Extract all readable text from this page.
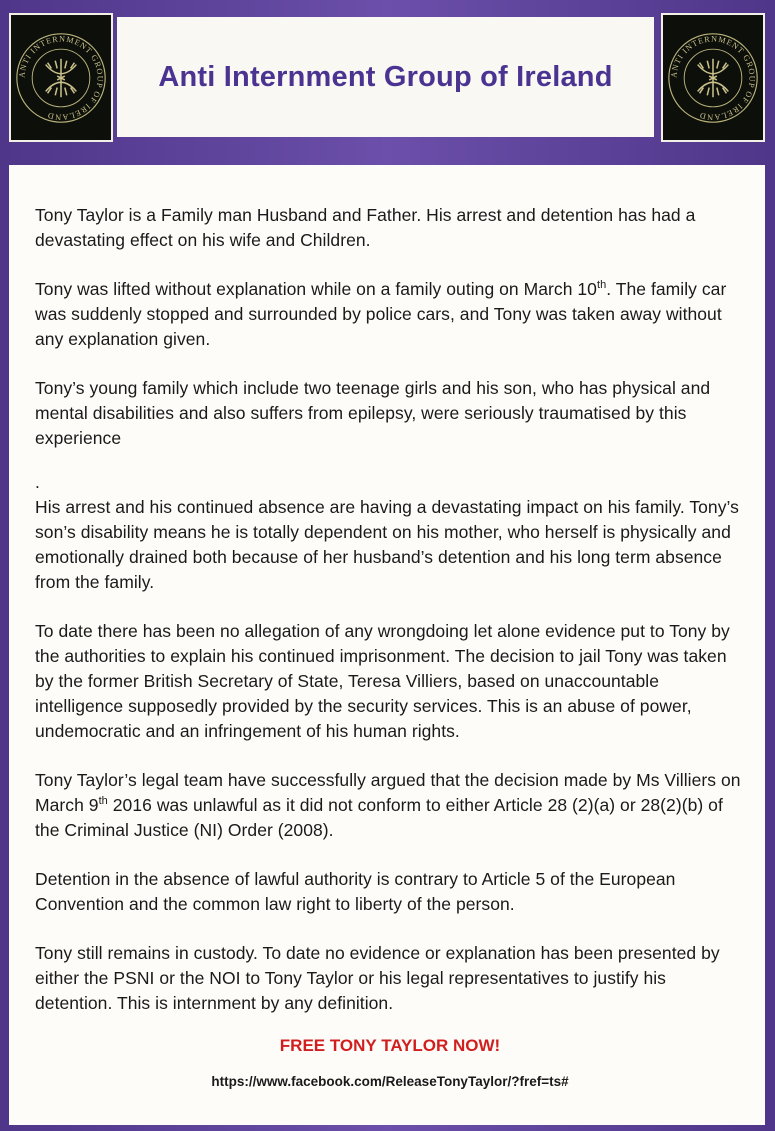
ANTI INTERNMENT GROUP OF IRELAND
Anti Internment Group of Ireland	ANTI INTERNMENT GROUP OF IRELAND

Tony Taylor is a Family man Husband and Father. His arrest and detention has had a devastating effect on his wife and Children.

Tony was lifted without explanation while on a family outing on March 10th. The family car was suddenly stopped and surrounded by police cars, and Tony was taken away without any explanation given.

Tony’s young family which include two teenage girls and his son, who has physical and mental disabilities and also suffers from epilepsy, were seriously traumatised by this experience

.

His arrest and his continued absence are having a devastating impact on his family. Tony’s son’s disability means he is totally dependent on his mother, who herself is physically and emotionally drained both because of her husband’s detention and his long term absence from the family.

To date there has been no allegation of any wrongdoing let alone evidence put to Tony by the authorities to explain his continued imprisonment. The decision to jail Tony was taken by the former British Secretary of State, Teresa Villiers, based on unaccountable intelligence supposedly provided by the security services. This is an abuse of power, undemocratic and an infringement of his human rights.

Tony Taylor’s legal team have successfully argued that the decision made by Ms Villiers on March 9th 2016 was unlawful as it did not conform to either Article 28 (2)(a) or 28(2)(b) of the Criminal Justice (NI) Order (2008).

Detention in the absence of lawful authority is contrary to Article 5 of the European Convention and the common law right to liberty of the person.

Tony still remains in custody. To date no evidence or explanation has been presented by either the PSNI or the NOI to Tony Taylor or his legal representatives to justify his detention. This is internment by any definition.

FREE TONY TAYLOR NOW!
https://www.facebook.com/ReleaseTonyTaylor/?fref=ts#
